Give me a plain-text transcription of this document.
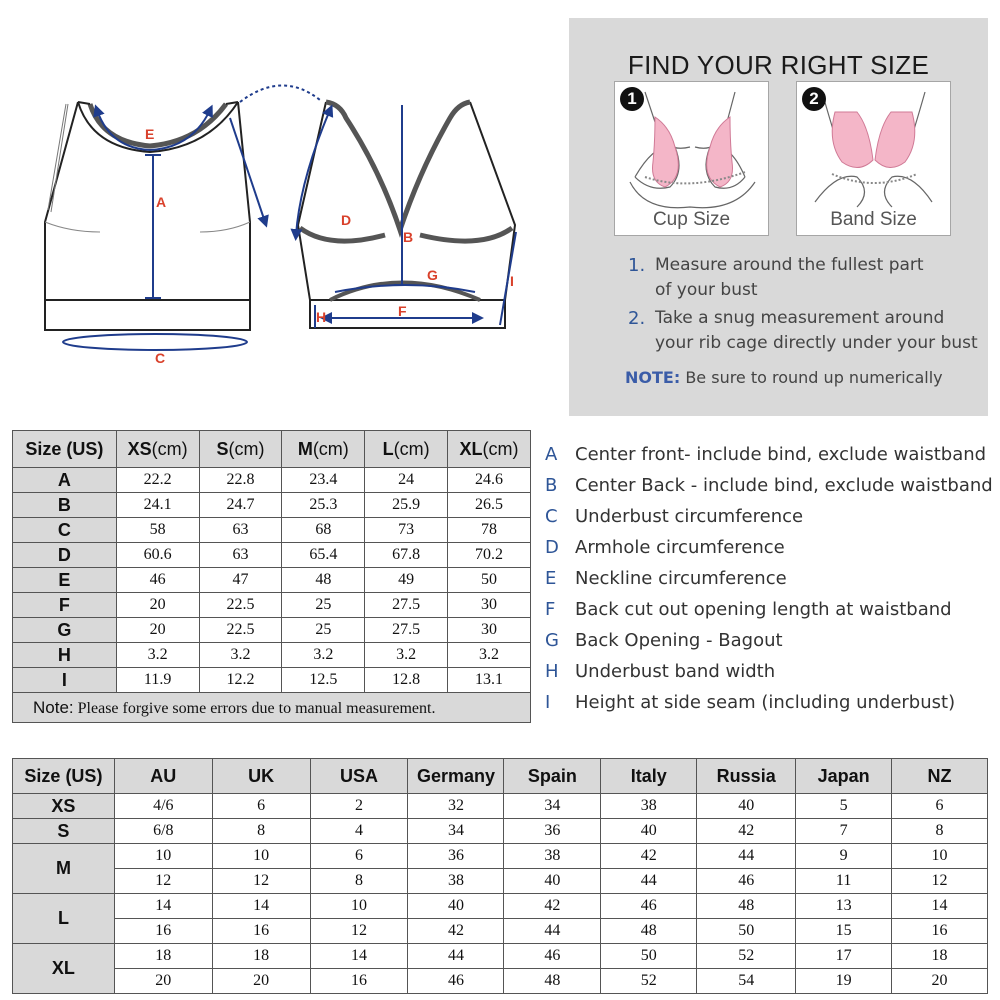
E
A
C
D
B
G
F
H
I
FIND YOUR RIGHT SIZE
1
Cup Size
2
Band Size
1. Measure around the fullest part
of your bust
2. Take a snug measurement around
your rib cage directly under your bust
NOTE: Be sure to round up numerically
Size (US)	XS(cm)	S(cm)	M(cm)	L(cm)	XL(cm)
A	22.2	22.8	23.4	24	24.6
B	24.1	24.7	25.3	25.9	26.5
C	58	63	68	73	78
D	60.6	63	65.4	67.8	70.2
E	46	47	48	49	50
F	20	22.5	25	27.5	30
G	20	22.5	25	27.5	30
H	3.2	3.2	3.2	3.2	3.2
I	11.9	12.2	12.5	12.8	13.1
Note: Please forgive some errors due to manual measurement.					
A Center front- include bind, exclude waistband
B Center Back - include bind, exclude waistband
C Underbust circumference
D Armhole circumference
E Neckline circumference
F Back cut out opening length at waistband
G Back Opening - Bagout
H Underbust band width
I Height at side seam (including underbust)
Size (US)	AU	UK	USA	Germany	Spain	Italy	Russia	Japan	NZ
XS	4/6	6	2	32	34	38	40	5	6
S	6/8	8	4	34	36	40	42	7	8
M	10	10	6	36	38	42	44	9	10
	12	12	8	38	40	44	46	11	12
L	14	14	10	40	42	46	48	13	14
	16	16	12	42	44	48	50	15	16
XL	18	18	14	44	46	50	52	17	18
	20	20	16	46	48	52	54	19	20
